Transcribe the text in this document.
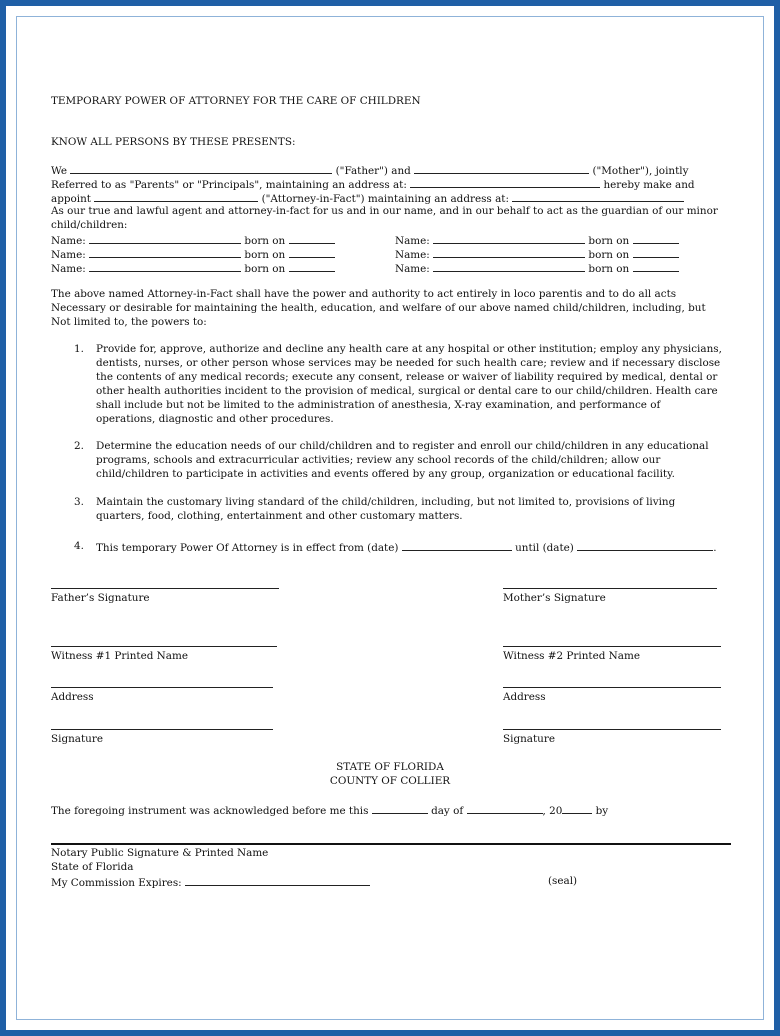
TEMPORARY POWER OF ATTORNEY FOR THE CARE OF CHILDREN
KNOW ALL PERSONS BY THESE PRESENTS:
We	("Father") and	("Mother"), jointly
Referred to as "Parents" or "Principals", maintaining an address at:	hereby make and
appoint	("Attorney-in-Fact") maintaining an address at:
As our true and lawful agent and attorney-in-fact for us and in our name, and in our behalf to act as the guardian of our minor
child/children:
Name:	born on	Name:	born on
Name:	born on	Name:	born on
Name:	born on	Name:	born on
The above named Attorney-in-Fact shall have the power and authority to act entirely in loco parentis and to do all acts
Necessary or desirable for maintaining the health, education, and welfare of our above named child/children, including, but
Not limited to, the powers to:
1. Provide for, approve, authorize and decline any health care at any hospital or other institution; employ any physicians,
dentists, nurses, or other person whose services may be needed for such health care; review and if necessary disclose
the contents of any medical records; execute any consent, release or waiver of liability required by medical, dental or
other health authorities incident to the provision of medical, surgical or dental care to our child/children. Health care
shall include but not be limited to the administration of anesthesia, X-ray examination, and performance of
operations, diagnostic and other procedures.
2. Determine the education needs of our child/children and to register and enroll our child/children in any educational
programs, schools and extracurricular activities; review any school records of the child/children; allow our
child/children to participate in activities and events offered by any group, organization or educational facility.
3. Maintain the customary living standard of the child/children, including, but not limited to, provisions of living
quarters, food, clothing, entertainment and other customary matters.
4. This temporary Power Of Attorney is in effect from (date)	until (date)	.
Father’s Signature	Mother’s Signature
Witness #1 Printed Name	Witness #2 Printed Name
Address	Address
Signature	Signature
STATE OF FLORIDA
COUNTY OF COLLIER
The foregoing instrument was acknowledged before me this	day of	, 20	by
Notary Public Signature & Printed Name
State of Florida
My Commission Expires:	(seal)
